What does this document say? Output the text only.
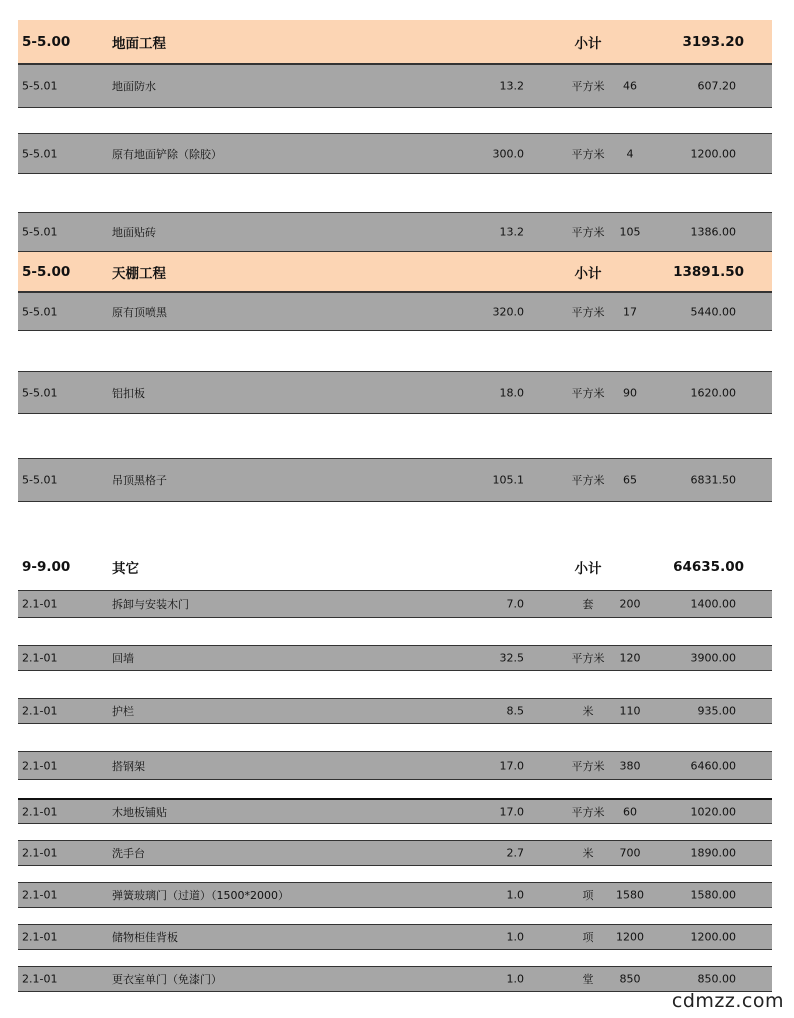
5-5.00	地面工程	小计	3193.20
5-5.01	地面防水	13.2	平方米	46	607.20
5-5.01	原有地面铲除（除胶）	300.0	平方米	4	1200.00
5-5.01	地面贴砖	13.2	平方米	105	1386.00
5-5.00	天棚工程	小计	13891.50
5-5.01	原有顶喷黑	320.0	平方米	17	5440.00
5-5.01	铝扣板	18.0	平方米	90	1620.00
5-5.01	吊顶黑格子	105.1	平方米	65	6831.50
9-9.00	其它	小计	64635.00
2.1-01	拆卸与安装木门	7.0	套	200	1400.00
2.1-01	回墙	32.5	平方米	120	3900.00
2.1-01	护栏	8.5	米	110	935.00
2.1-01	搭钢架	17.0	平方米	380	6460.00
2.1-01	木地板铺贴	17.0	平方米	60	1020.00
2.1-01	洗手台	2.7	米	700	1890.00
2.1-01	弹簧玻璃门（过道）（1500*2000）	1.0	项	1580	1580.00
2.1-01	储物柜佳背板	1.0	项	1200	1200.00
2.1-01	更衣室单门（免漆门）	1.0	堂	850	850.00
cdmzz.com
